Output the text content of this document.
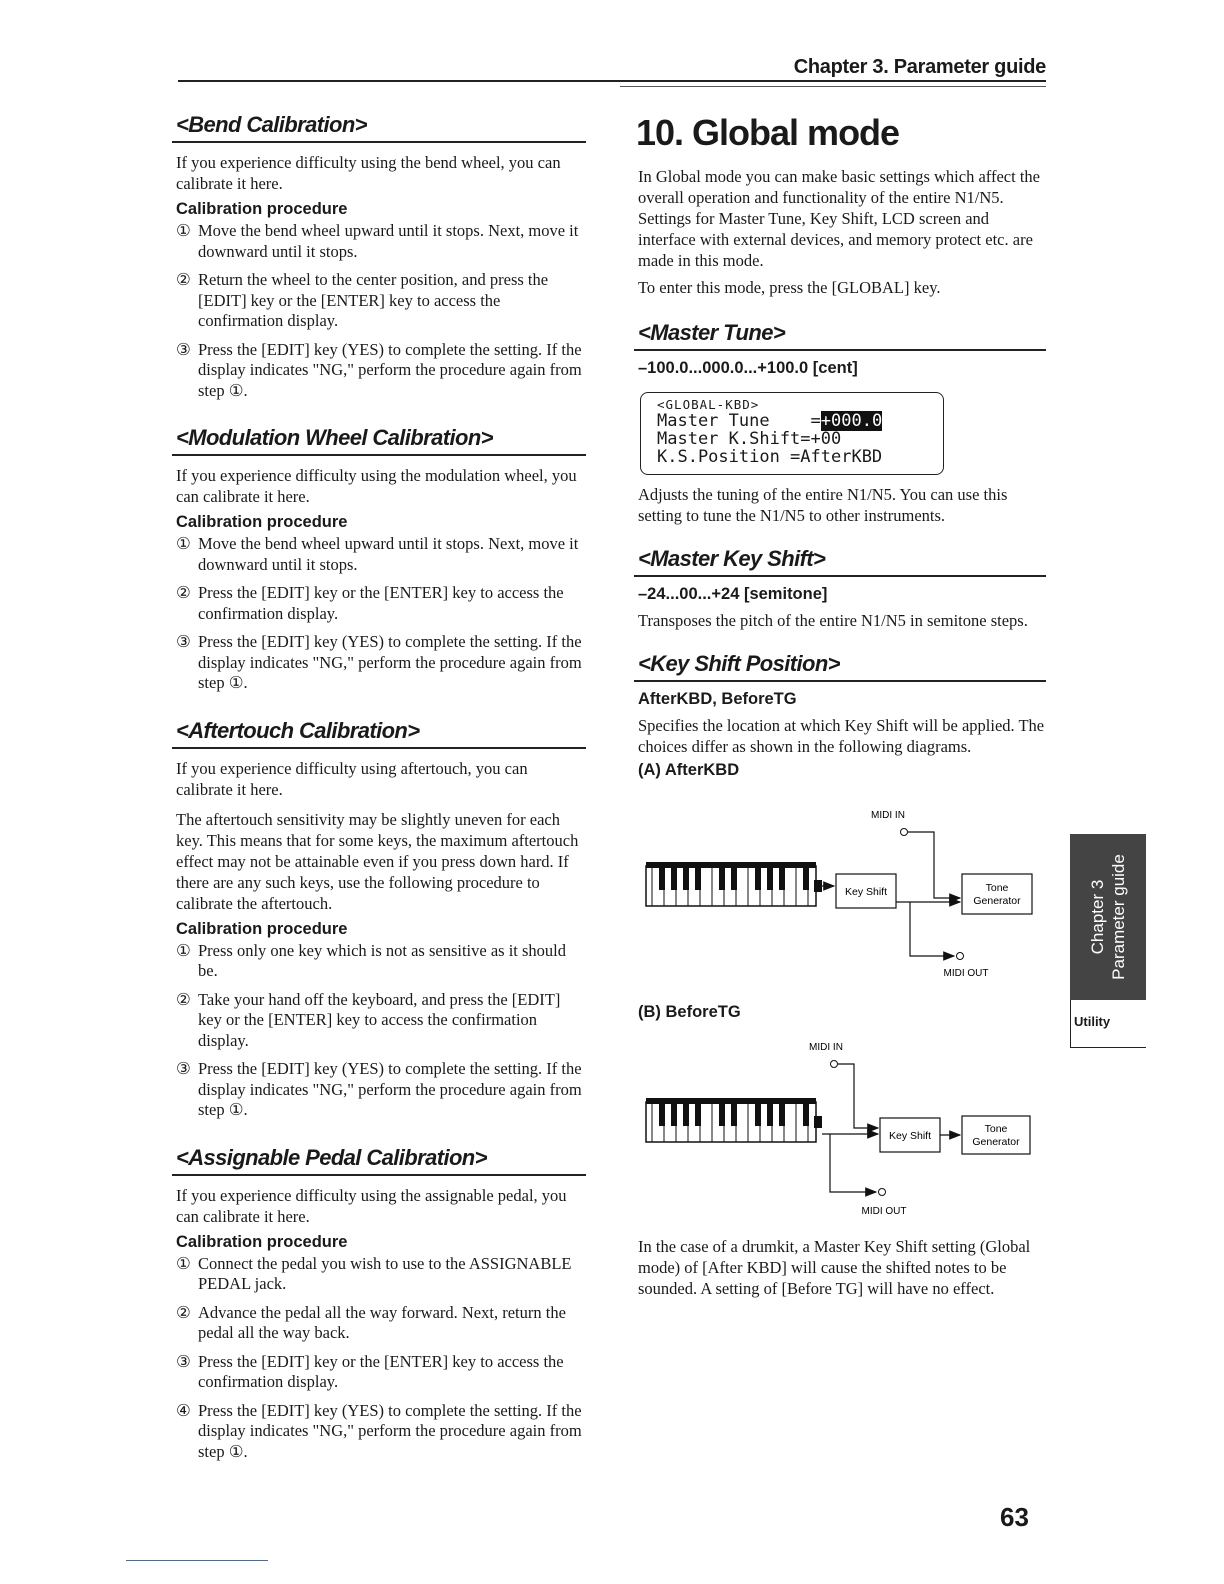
Chapter 3. Parameter guide
<Bend Calibration>

If you experience difficulty using the bend wheel, you can calibrate it here.

Calibration procedure

① Move the bend wheel upward until it stops. Next, move it downward until it stops.

② Return the wheel to the center position, and press the [EDIT] key or the [ENTER] key to access the confirmation display.

③ Press the [EDIT] key (YES) to complete the setting. If the display indicates "NG," perform the procedure again from step ①.

<Modulation Wheel Calibration>

If you experience difficulty using the modulation wheel, you can calibrate it here.

Calibration procedure

① Move the bend wheel upward until it stops. Next, move it downward until it stops.

② Press the [EDIT] key or the [ENTER] key to access the confirmation display.

③ Press the [EDIT] key (YES) to complete the setting. If the display indicates "NG," perform the procedure again from step ①.

<Aftertouch Calibration>

If you experience difficulty using aftertouch, you can calibrate it here.

The aftertouch sensitivity may be slightly uneven for each key. This means that for some keys, the maximum aftertouch effect may not be attainable even if you press down hard. If there are any such keys, use the following procedure to calibrate the aftertouch.

Calibration procedure

① Press only one key which is not as sensitive as it should be.

② Take your hand off the keyboard, and press the [EDIT] key or the [ENTER] key to access the confirmation display.

③ Press the [EDIT] key (YES) to complete the setting. If the display indicates "NG," perform the procedure again from step ①.

<Assignable Pedal Calibration>

If you experience difficulty using the assignable pedal, you can calibrate it here.

Calibration procedure

① Connect the pedal you wish to use to the ASSIGNABLE PEDAL jack.

② Advance the pedal all the way forward. Next, return the pedal all the way back.

③ Press the [EDIT] key or the [ENTER] key to access the confirmation display.

④ Press the [EDIT] key (YES) to complete the setting. If the display indicates "NG," perform the procedure again from step ①.

10. Global mode

In Global mode you can make basic settings which affect the overall operation and functionality of the entire N1/N5. Settings for Master Tune, Key Shift, LCD screen and interface with external devices, and memory protect etc. are made in this mode.

To enter this mode, press the [GLOBAL] key.

<Master Tune>
–100.0...000.0...+100.0 [cent]
<GLOBAL-KBD>
Master Tune    =+000.0
Master K.Shift=+00
K.S.Position =AfterKBD

Adjusts the tuning of the entire N1/N5. You can use this setting to tune the N1/N5 to other instruments.

<Master Key Shift>
–24...00...+24 [semitone]

Transposes the pitch of the entire N1/N5 in semitone steps.

<Key Shift Position>
AfterKBD, BeforeTG

Specifies the location at which Key Shift will be applied. The choices differ as shown in the following diagrams.

(A) AfterKBD
MIDI IN
Key Shift	Tone
Generator
MIDI OUT
(B) BeforeTG
MIDI IN
Key Shift
Tone
Generator
MIDI OUT

In the case of a drumkit, a Master Key Shift setting (Global mode) of [After KBD] will cause the shifted notes to be sounded. A setting of [Before TG] will have no effect.

Chapter 3 Parameter guide
Utility
63
